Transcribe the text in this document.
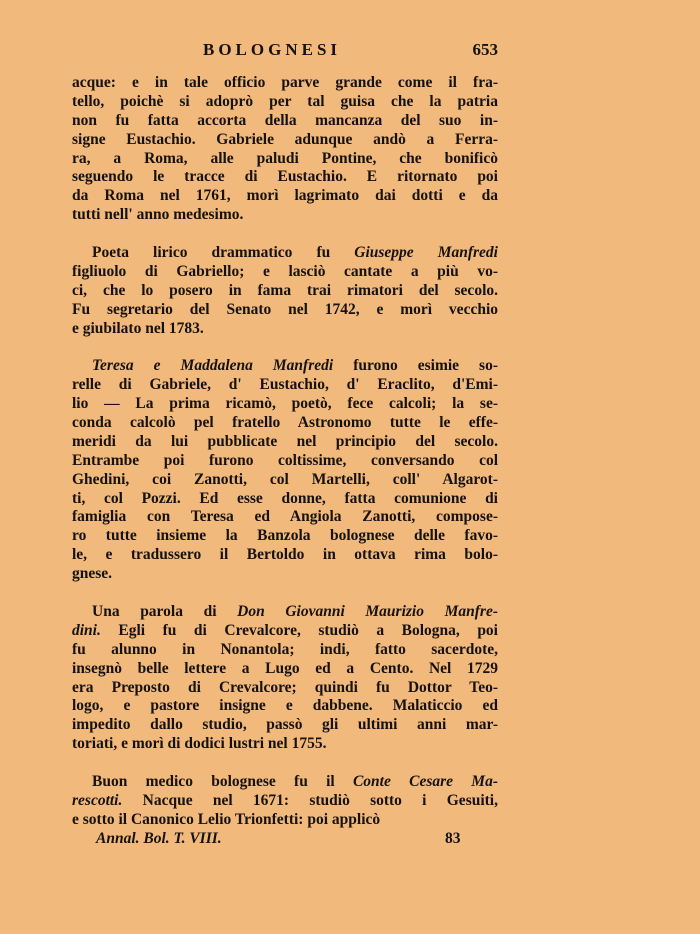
BOLOGNESI	653
acque: e in tale officio parve grande come il fra-
tello, poichè si adoprò per tal guisa che la patria
non fu fatta accorta della mancanza del suo in-
signe Eustachio. Gabriele adunque andò a Ferra-
ra, a Roma, alle paludi Pontine, che bonificò
seguendo le tracce di Eustachio. E ritornato poi
da Roma nel 1761, morì lagrimato dai dotti e da
tutti nell' anno medesimo.
Poeta lirico drammatico fu Giuseppe Manfredi
figliuolo di Gabriello; e lasciò cantate a più vo-
ci, che lo posero in fama trai rimatori del secolo.
Fu segretario del Senato nel 1742, e morì vecchio
e giubilato nel 1783.
Teresa e Maddalena Manfredi furono esimie so-
relle di Gabriele, d' Eustachio, d' Eraclito, d'Emi-
lio — La prima ricamò, poetò, fece calcoli; la se-
conda calcolò pel fratello Astronomo tutte le effe-
meridi da lui pubblicate nel principio del secolo.
Entrambe poi furono coltissime, conversando col
Ghedini, coi Zanotti, col Martelli, coll' Algarot-
ti, col Pozzi. Ed esse donne, fatta comunione di
famiglia con Teresa ed Angiola Zanotti, compose-
ro tutte insieme la Banzola bolognese delle favo-
le, e tradussero il Bertoldo in ottava rima bolo-
gnese.
Una parola di Don Giovanni Maurizio Manfre-
dini. Egli fu di Crevalcore, studiò a Bologna, poi
fu alunno in Nonantola; indi, fatto sacerdote,
insegnò belle lettere a Lugo ed a Cento. Nel 1729
era Preposto di Crevalcore; quindi fu Dottor Teo-
logo, e pastore insigne e dabbene. Malaticcio ed
impedito dallo studio, passò gli ultimi anni mar-
toriati, e morì di dodici lustri nel 1755.
Buon medico bolognese fu il Conte Cesare Ma-
rescotti. Nacque nel 1671: studiò sotto i Gesuiti,
e sotto il Canonico Lelio Trionfetti: poi applicò
Annal. Bol. T. VIII.	83
